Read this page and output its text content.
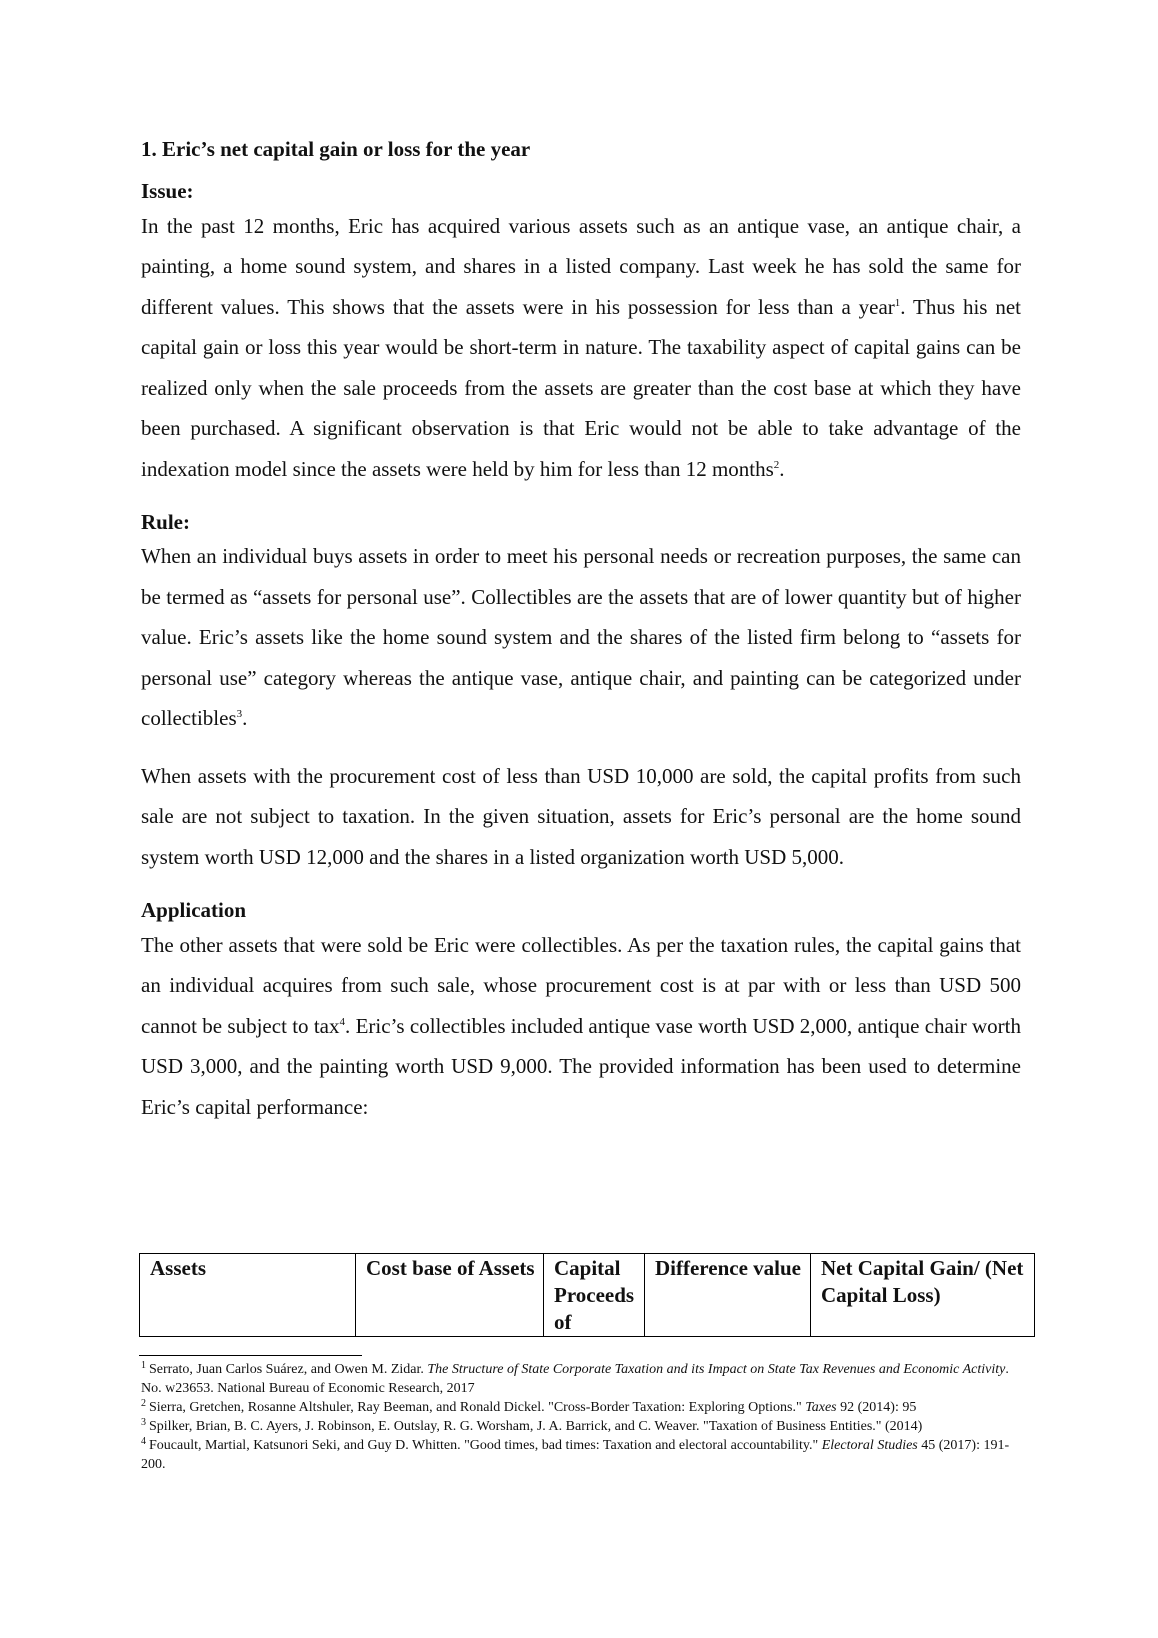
1. Eric’s net capital gain or loss for the year
Issue:

In the past 12 months, Eric has acquired various assets such as an antique vase, an antique chair, a painting, a home sound system, and shares in a listed company. Last week he has sold the same for different values. This shows that the assets were in his possession for less than a year$^1$. Thus his net capital gain or loss this year would be short-term in nature. The taxability aspect of capital gains can be realized only when the sale proceeds from the assets are greater than the cost base at which they have been purchased. A significant observation is that Eric would not be able to take advantage of the indexation model since the assets were held by him for less than 12 months$^2$.

Rule:

When an individual buys assets in order to meet his personal needs or recreation purposes, the same can be termed as “assets for personal use”. Collectibles are the assets that are of lower quantity but of higher value. Eric’s assets like the home sound system and the shares of the listed firm belong to “assets for personal use” category whereas the antique vase, antique chair, and painting can be categorized under collectibles$^3$.

When assets with the procurement cost of less than USD 10,000 are sold, the capital profits from such sale are not subject to taxation. In the given situation, assets for Eric’s personal are the home sound system worth USD 12,000 and the shares in a listed organization worth USD 5,000.

Application

The other assets that were sold be Eric were collectibles. As per the taxation rules, the capital gains that an individual acquires from such sale, whose procurement cost is at par with or less than USD 500 cannot be subject to tax$^4$. Eric’s collectibles included antique vase worth USD 2,000, antique chair worth USD 3,000, and the painting worth USD 9,000. The provided information has been used to determine Eric’s capital performance:

Assets	Cost base of Assets	Capital Proceeds of	Difference value	Net Capital Gain/ (Net Capital Loss)

$^1$ Serrato, Juan Carlos Suárez, and Owen M. Zidar. The Structure of State Corporate Taxation and its Impact on State Tax Revenues and Economic Activity. No. w23653. National Bureau of Economic Research, 2017

$^2$ Sierra, Gretchen, Rosanne Altshuler, Ray Beeman, and Ronald Dickel. "Cross-Border Taxation: Exploring Options." Taxes 92 (2014): 95

$^3$ Spilker, Brian, B. C. Ayers, J. Robinson, E. Outslay, R. G. Worsham, J. A. Barrick, and C. Weaver. "Taxation of Business Entities." (2014)

$^4$ Foucault, Martial, Katsunori Seki, and Guy D. Whitten. "Good times, bad times: Taxation and electoral accountability." Electoral Studies 45 (2017): 191-200.
